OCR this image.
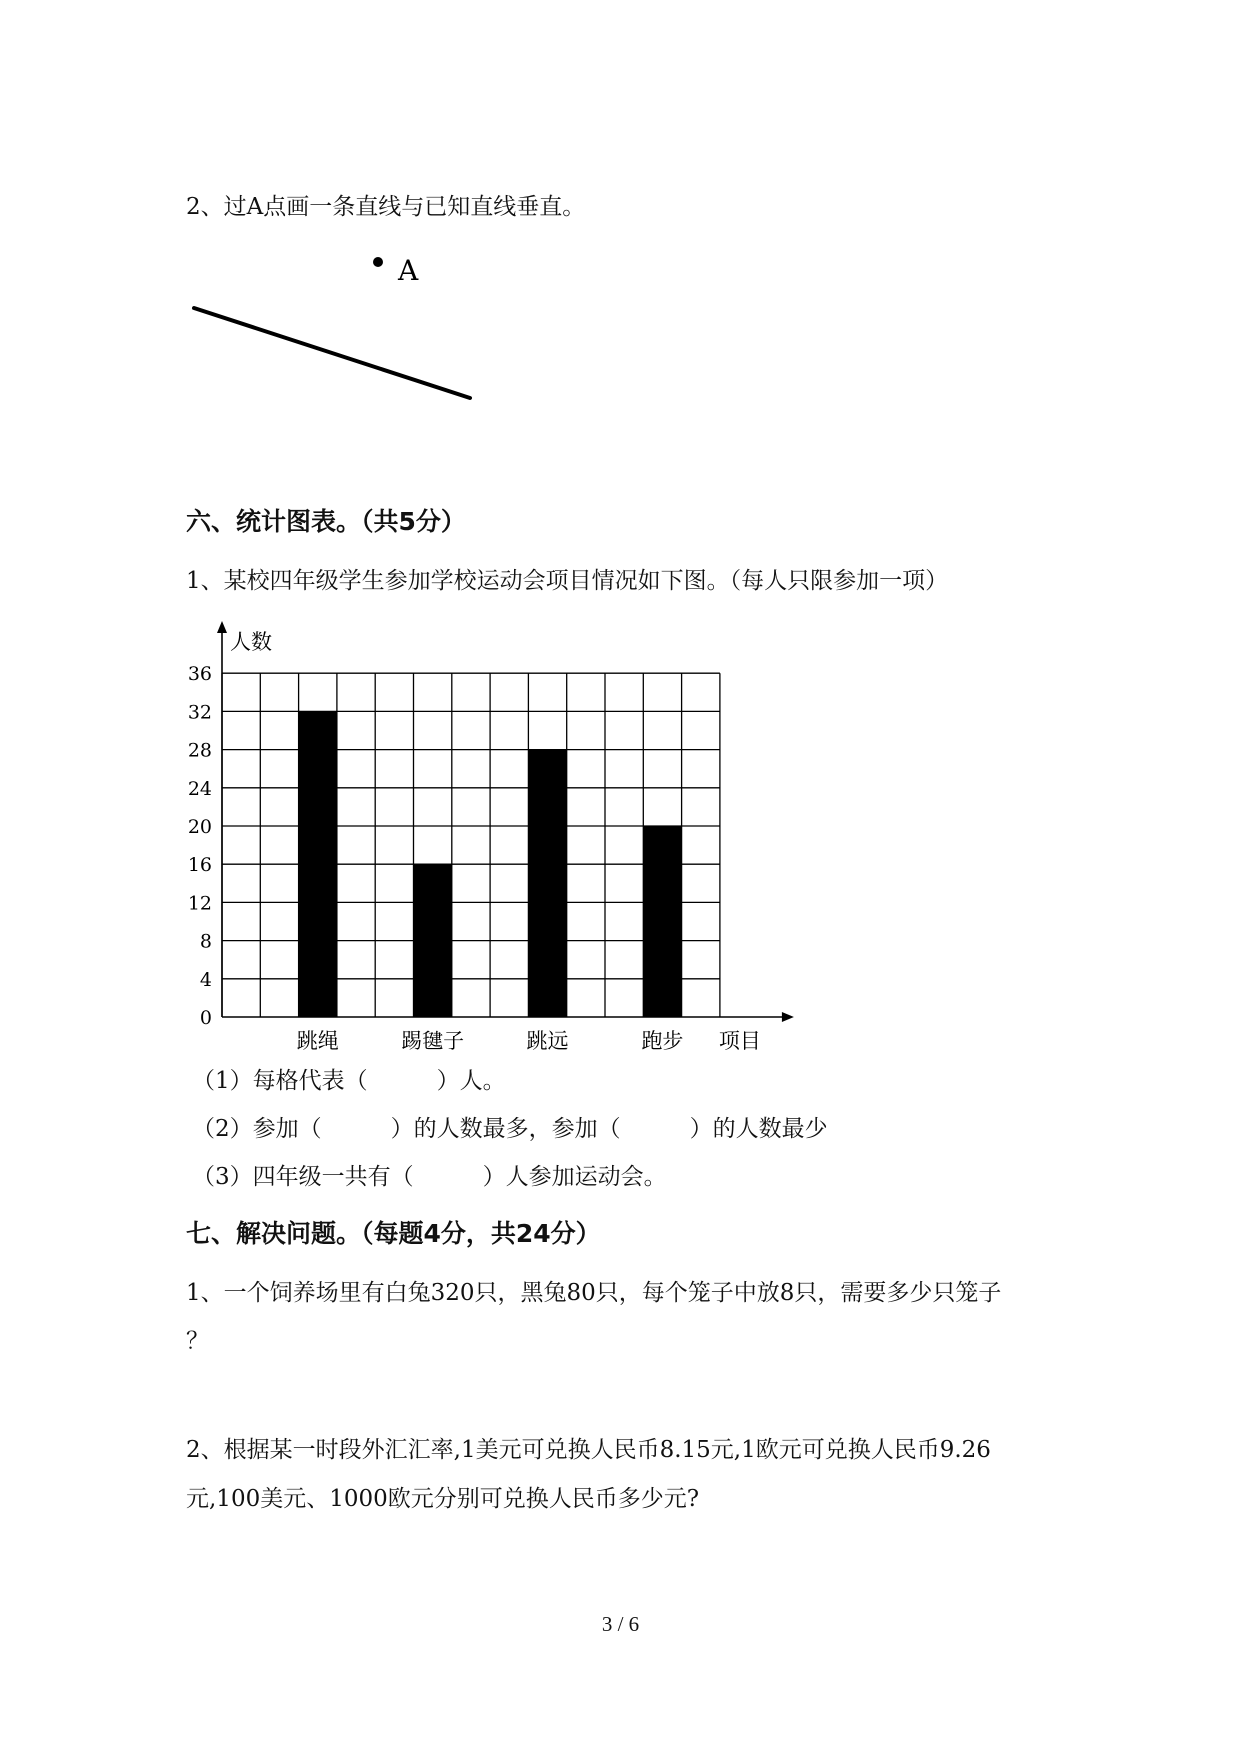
2、过A点画一条直线与已知直线垂直。
A
六、统计图表。（共5分）
1、某校四年级学生参加学校运动会项目情况如下图。（每人只限参加一项）
0
4
8
12
16
20
24
28
32
36
跳绳	踢毽子	跳远	跑步
人数
项目
（1）每格代表（　　　）人。
（2）参加（　　　）的人数最多，参加（　　　）的人数最少
（3）四年级一共有（　　　）人参加运动会。
七、解决问题。（每题4分，共24分）
1、一个饲养场里有白兔320只，黑兔80只，每个笼子中放8只，需要多少只笼子
？
2、根据某一时段外汇汇率,1美元可兑换人民币8.15元,1欧元可兑换人民币9.26
元,100美元、1000欧元分别可兑换人民币多少元?
3 / 6
